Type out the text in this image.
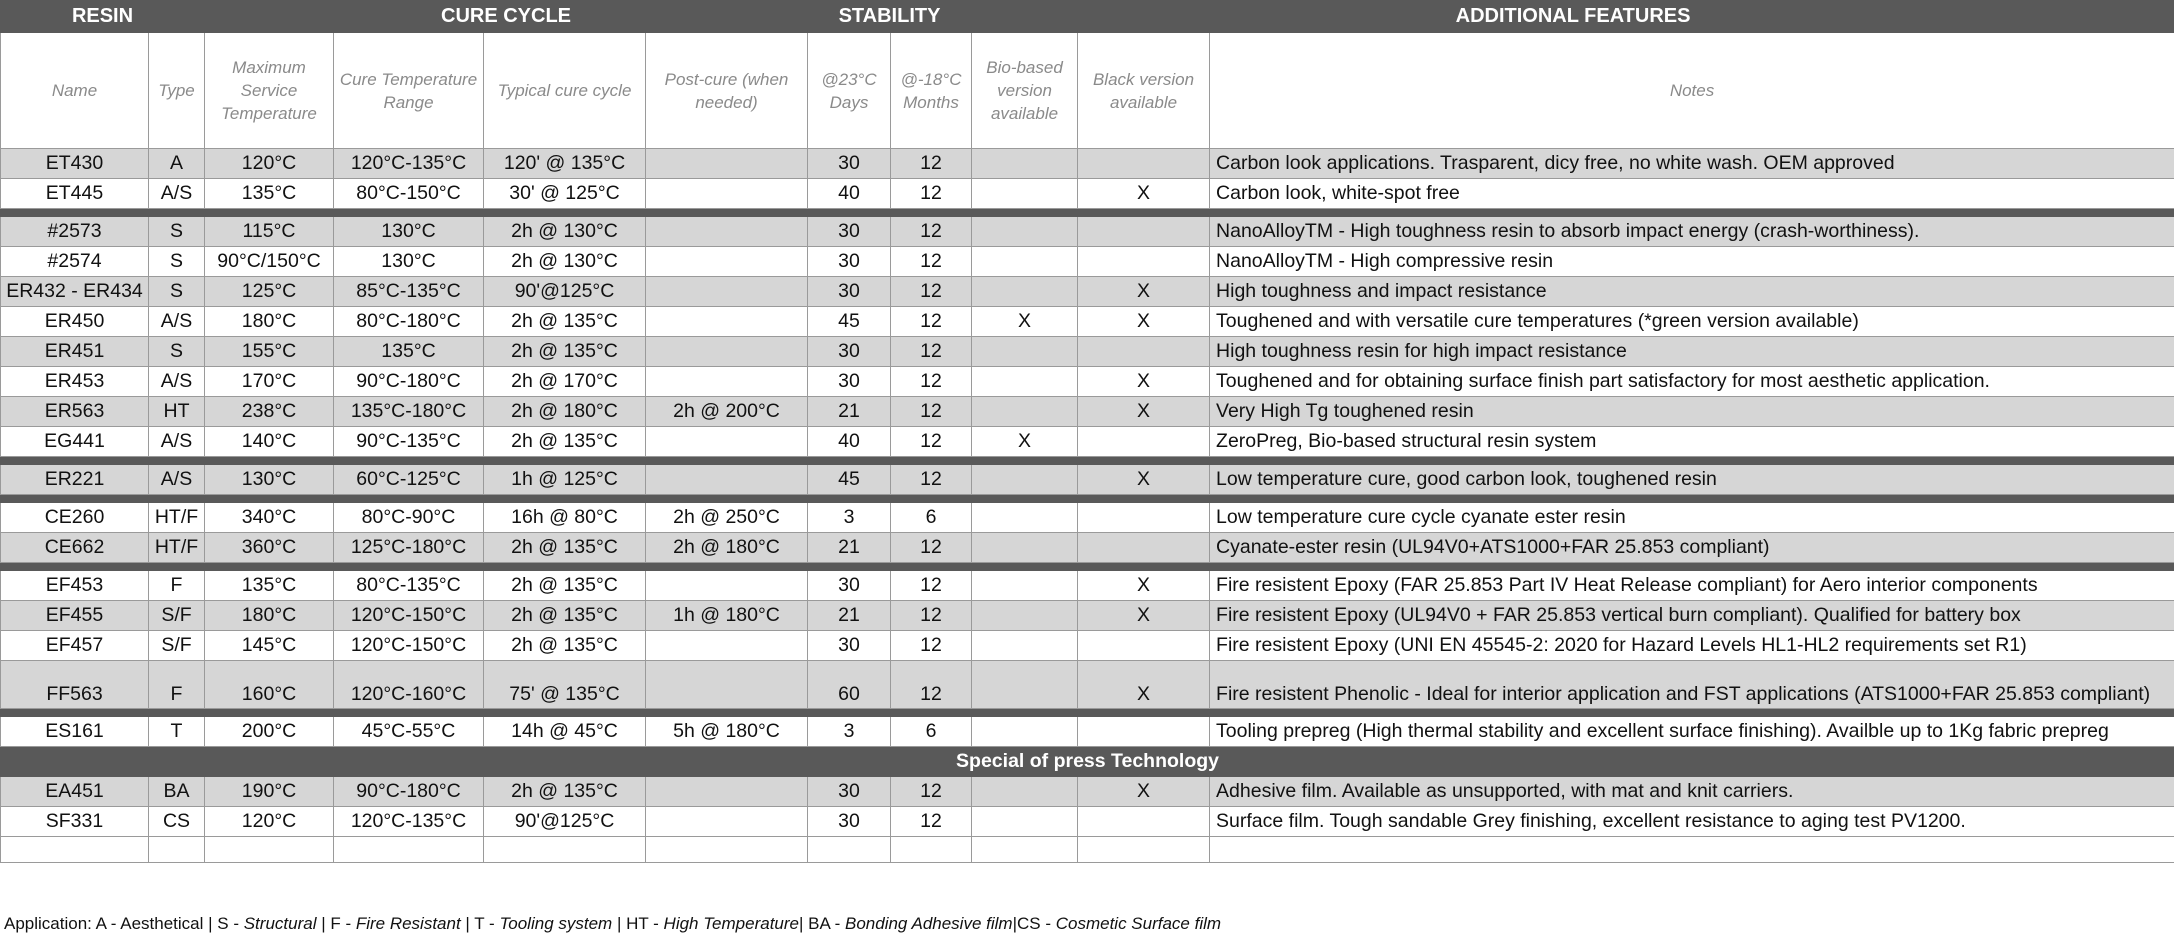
RESIN		CURE CYCLE				STABILITY		ADDITIONAL FEATURES		
Name	Type	Maximum Service Temperature	Cure Temperature Range	Typical cure cycle	Post-cure (when needed)	@23°C Days	@-18°C Months	Bio-based version available	Black version available	Notes
ET430	A	120°C	120°C-135°C	120' @ 135°C		30	12			Carbon look applications. Trasparent, dicy free, no white wash. OEM approved
ET445	A/S	135°C	80°C-150°C	30' @ 125°C		40	12		X	Carbon look, white-spot free

#2573	S	115°C	130°C	2h @ 130°C		30	12			NanoAlloyTM - High toughness resin to absorb impact energy (crash-worthiness).
#2574	S	90°C/150°C	130°C	2h @ 130°C		30	12			NanoAlloyTM - High compressive resin
ER432 - ER434	S	125°C	85°C-135°C	90'@125°C		30	12		X	High toughness and impact resistance
ER450	A/S	180°C	80°C-180°C	2h @ 135°C		45	12	X	X	Toughened and with versatile cure temperatures (*green version available)
ER451	S	155°C	135°C	2h @ 135°C		30	12			High toughness resin for high impact resistance
ER453	A/S	170°C	90°C-180°C	2h @ 170°C		30	12		X	Toughened and for obtaining surface finish part satisfactory for most aesthetic application.
ER563	HT	238°C	135°C-180°C	2h @ 180°C	2h @ 200°C	21	12		X	Very High Tg toughened resin
EG441	A/S	140°C	90°C-135°C	2h @ 135°C		40	12	X		ZeroPreg, Bio-based structural resin system

ER221	A/S	130°C	60°C-125°C	1h @ 125°C		45	12		X	Low temperature cure, good carbon look, toughened resin

CE260	HT/F	340°C	80°C-90°C	16h @ 80°C	2h @ 250°C	3	6			Low temperature cure cycle cyanate ester resin
CE662	HT/F	360°C	125°C-180°C	2h @ 135°C	2h @ 180°C	21	12			Cyanate-ester resin (UL94V0+ATS1000+FAR 25.853 compliant)

EF453	F	135°C	80°C-135°C	2h @ 135°C		30	12		X	Fire resistent Epoxy (FAR 25.853 Part IV Heat Release compliant) for Aero interior components
EF455	S/F	180°C	120°C-150°C	2h @ 135°C	1h @ 180°C	21	12		X	Fire resistent Epoxy (UL94V0 + FAR 25.853 vertical burn compliant). Qualified for battery box
EF457	S/F	145°C	120°C-150°C	2h @ 135°C		30	12			Fire resistent Epoxy (UNI EN 45545-2: 2020 for Hazard Levels HL1-HL2 requirements set R1)
FF563	F	160°C	120°C-160°C	75' @ 135°C		60	12		X	Fire resistent Phenolic - Ideal for interior application and FST applications (ATS1000+FAR 25.853 compliant)

ES161	T	200°C	45°C-55°C	14h @ 45°C	5h @ 180°C	3	6			Tooling prepreg (High thermal stability and excellent surface finishing). Availble up to 1Kg fabric prepreg
Special of press Technology										
EA451	BA	190°C	90°C-180°C	2h @ 135°C		30	12		X	Adhesive film. Available as unsupported, with mat and knit carriers.
SF331	CS	120°C	120°C-135°C	90'@125°C		30	12			Surface film. Tough sandable Grey finishing, excellent resistance to aging test PV1200.

Application: A - Aesthetical | S - Structural | F - Fire Resistant | T - Tooling system | HT - High Temperature| BA - Bonding Adhesive film|CS - Cosmetic Surface film
